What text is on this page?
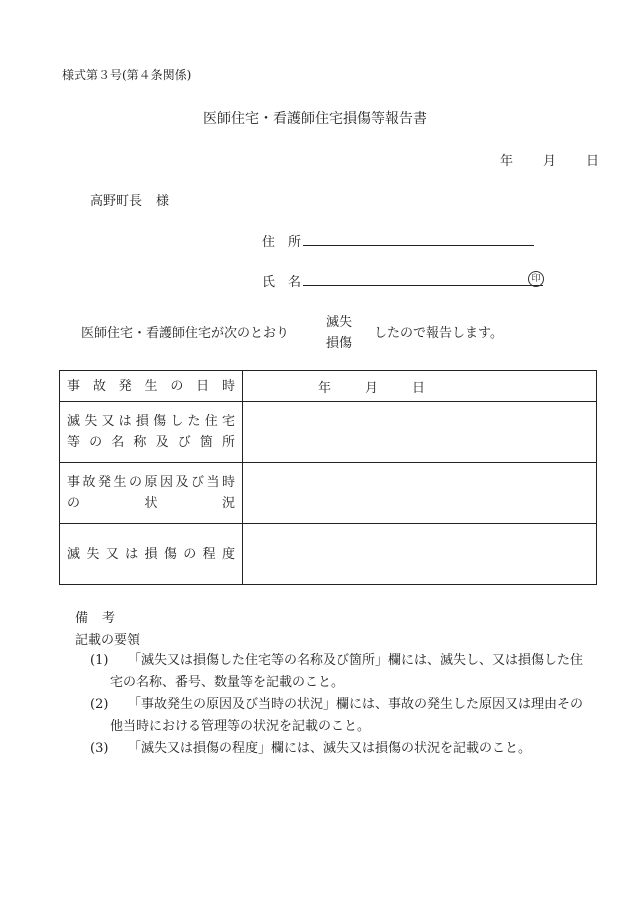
様式第３号(第４条関係)
医師住宅・看護師住宅損傷等報告書
年 月 日
高野町長 様
住 所
氏 名	印
医師住宅・看護師住宅が次のとおり
滅失
損傷
したので報告します。
事故発生の日時	年 月 日

滅失又は損傷した住宅
等の名称及び箇所	

事故発生の原因及び当時
の 状 況	

滅失又は損傷の程度	

備 考
記載の要領
(1)	「滅失又は損傷した住宅等の名称及び箇所」欄には、滅失し、又は損傷した住
宅の名称、番号、数量等を記載のこと。
(2)	「事故発生の原因及び当時の状況」欄には、事故の発生した原因又は理由その
他当時における管理等の状況を記載のこと。
(3)	「滅失又は損傷の程度」欄には、滅失又は損傷の状況を記載のこと。
